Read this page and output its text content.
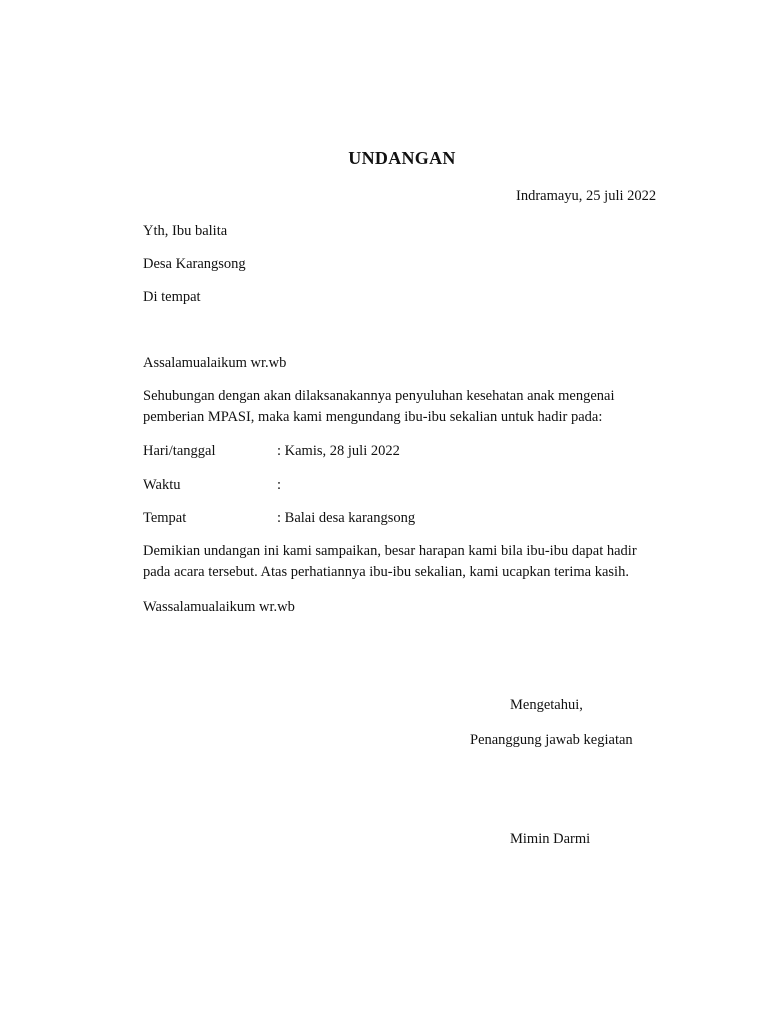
UNDANGAN
Indramayu, 25 juli 2022
Yth, Ibu balita
Desa Karangsong
Di tempat
Assalamualaikum wr.wb
Sehubungan dengan akan dilaksanakannya penyuluhan kesehatan anak mengenai
pemberian MPASI, maka kami mengundang ibu-ibu sekalian untuk hadir pada:
Hari/tanggal	: Kamis, 28 juli 2022
Waktu	:
Tempat	: Balai desa karangsong
Demikian undangan ini kami sampaikan, besar harapan kami bila ibu-ibu dapat hadir
pada acara tersebut. Atas perhatiannya ibu-ibu sekalian, kami ucapkan terima kasih.
Wassalamualaikum wr.wb
Mengetahui,
Penanggung jawab kegiatan
Mimin Darmi
